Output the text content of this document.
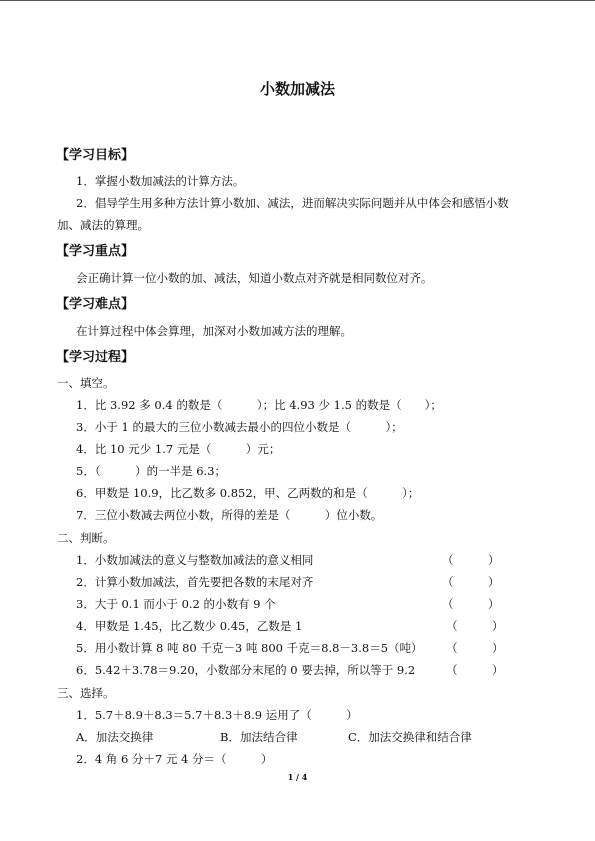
小数加减法
【学习目标】
1．掌握小数加减法的计算方法。
2．倡导学生用多种方法计算小数加、减法，进而解决实际问题并从中体会和感悟小数
加、减法的算理。
【学习重点】
会正确计算一位小数的加、减法，知道小数点对齐就是相同数位对齐。
【学习难点】
在计算过程中体会算理，加深对小数加减方法的理解。
【学习过程】
一、填空。
1．比 3.92 多 0.4 的数是（　　　）；比 4.93 少 1.5 的数是（　　）；
3．小于 1 的最大的三位小数减去最小的四位小数是（　　　）；
4．比 10 元少 1.7 元是（　　　）元；
5．（　　　）的一半是 6.3；
6．甲数是 10.9，比乙数多 0.852，甲、乙两数的和是（　　　）；
7．三位小数减去两位小数，所得的差是（　　　）位小数。
二、判断。
1．小数加减法的意义与整数加减法的意义相同	（　　　）
2．计算小数加减法，首先要把各数的末尾对齐	（　　　）
3．大于 0.1 而小于 0.2 的小数有 9 个	（　　　）
4．甲数是 1.45，比乙数少 0.45，乙数是 1	（　　　）
5．用小数计算 8 吨 80 千克－3 吨 800 千克＝8.8－3.8＝5（吨） （　　　）
6．5.42＋3.78＝9.20，小数部分末尾的 0 要去掉，所以等于 9.2	（　　　）
三、选择。
1．5.7＋8.9＋8.3＝5.7＋8.3＋8.9 运用了（　　　）
A．加法交换律	B．加法结合律	C．加法交换律和结合律
2．4 角 6 分＋7 元 4 分＝（　　　）
1 / 4
